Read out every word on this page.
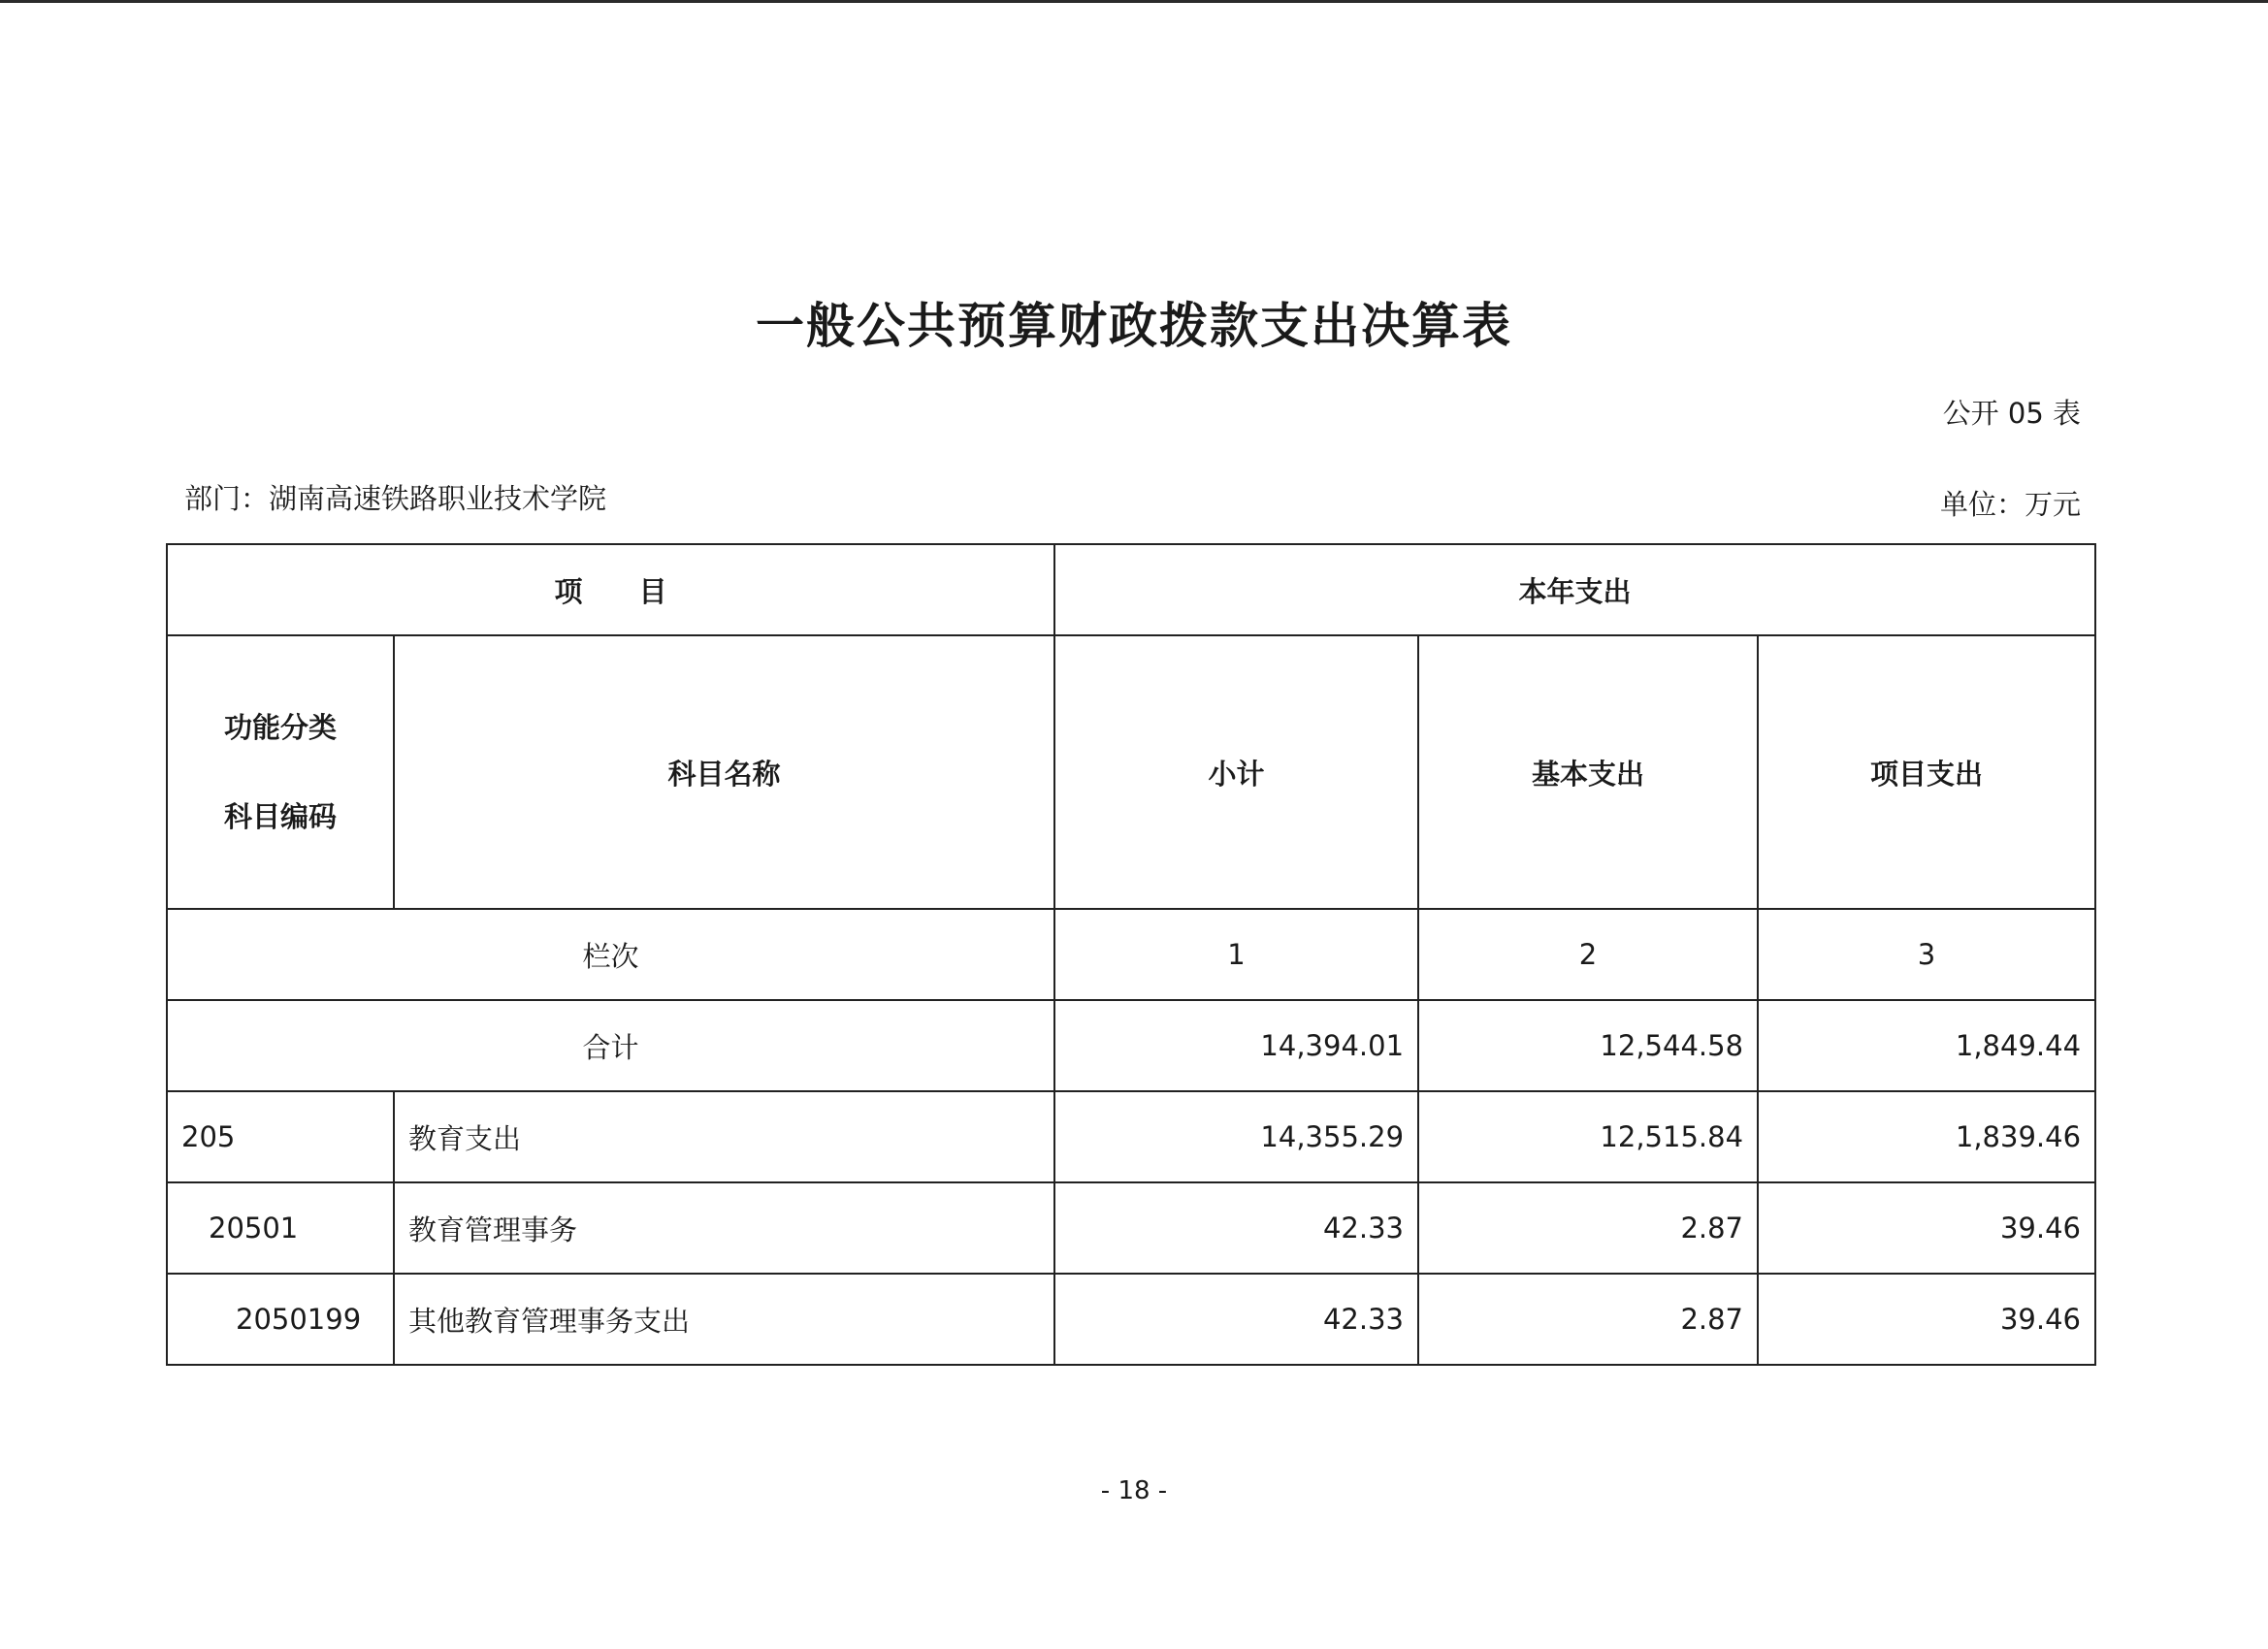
一般公共预算财政拨款支出决算表
公开 05 表
部门：湖南高速铁路职业技术学院	单位：万元
项　　目		本年支出		

功能分类
科目编码	科目名称	小计	基本支出	项目支出
栏次		1	2	3
合计		14,394.01	12,544.58	1,849.44
205	教育支出	14,355.29	12,515.84	1,839.46
20501	教育管理事务	42.33	2.87	39.46
2050199	其他教育管理事务支出	42.33	2.87	39.46
- 18 -
